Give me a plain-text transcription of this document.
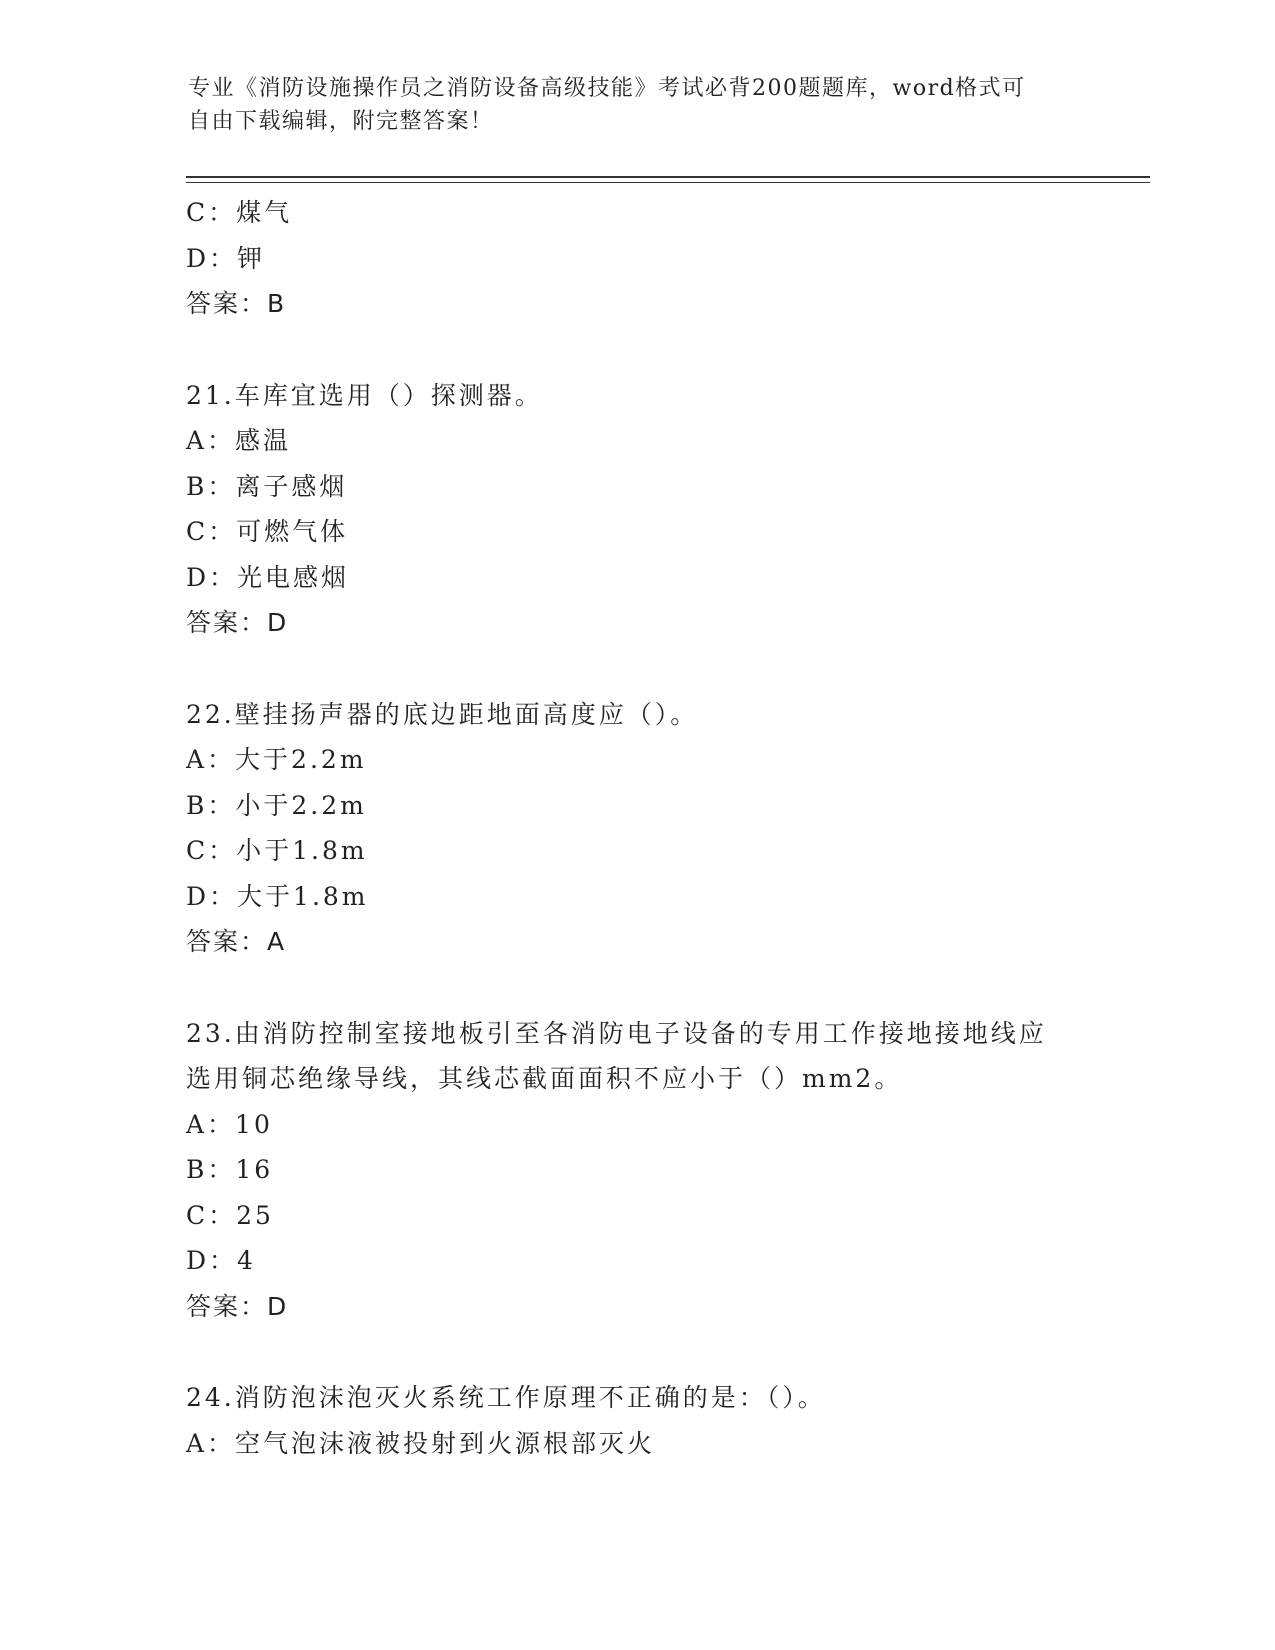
专业《消防设施操作员之消防设备高级技能》考试必背200题题库，word格式可
自由下载编辑，附完整答案！
C：煤气
D：钾
答案：B
21.车库宜选用（）探测器。
A：感温
B：离子感烟
C：可燃气体
D：光电感烟
答案：D
22.壁挂扬声器的底边距地面高度应（）。
A：大于2.2m
B：小于2.2m
C：小于1.8m
D：大于1.8m
答案：A
23.由消防控制室接地板引至各消防电子设备的专用工作接地接地线应
选用铜芯绝缘导线，其线芯截面面积不应小于（）mm2。
A：10
B：16
C：25
D：4
答案：D
24.消防泡沫泡灭火系统工作原理不正确的是：（）。
A：空气泡沫液被投射到火源根部灭火
